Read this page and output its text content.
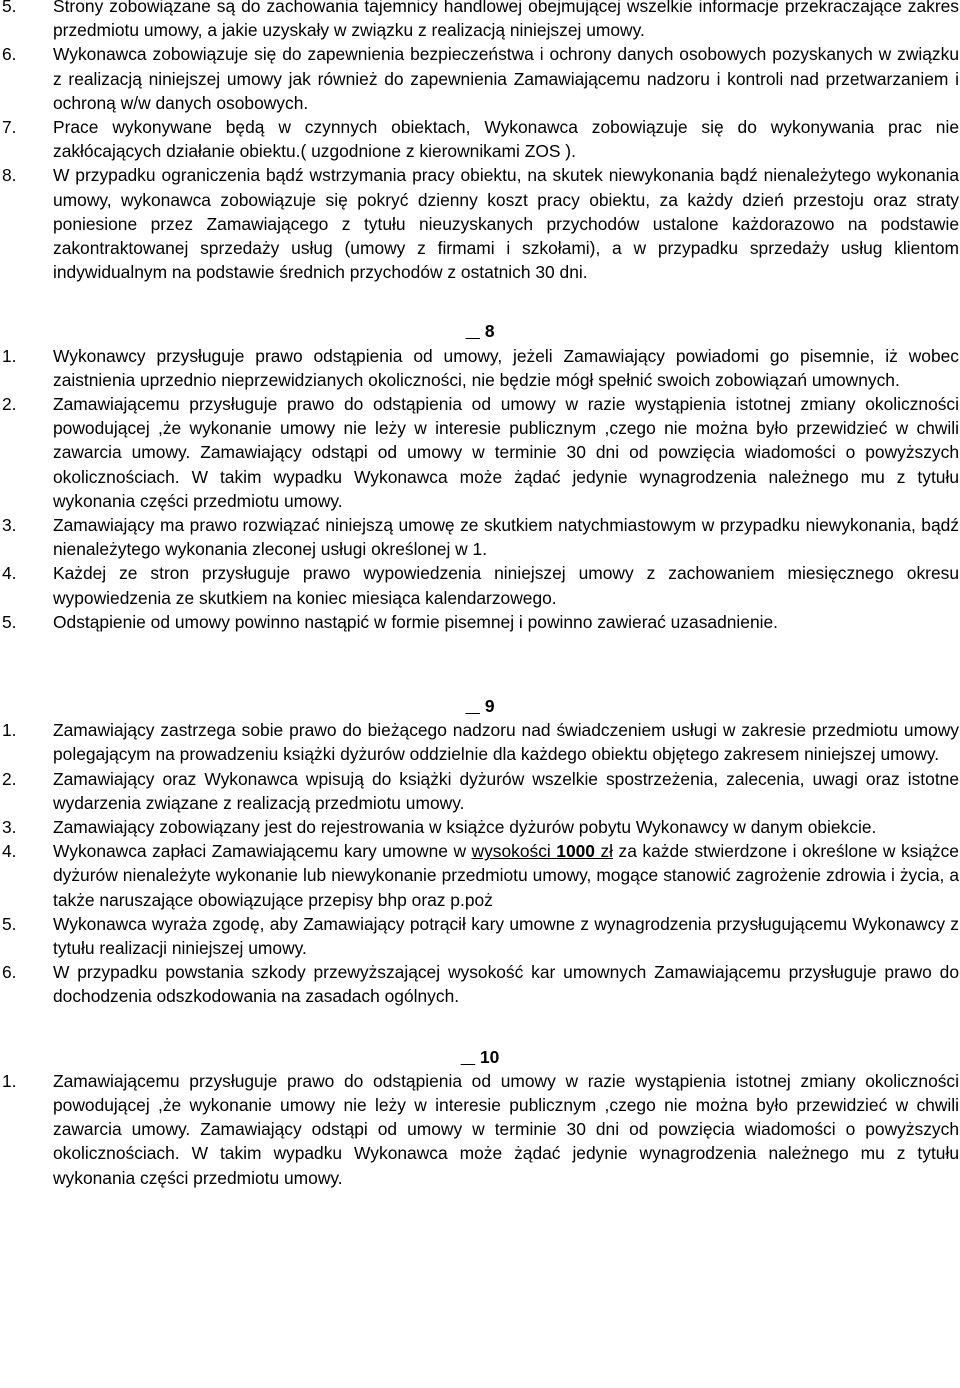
5.	Strony zobowiązane są do zachowania tajemnicy handlowej obejmującej wszelkie informacje przekraczające zakres przedmiotu umowy, a jakie uzyskały w związku z realizacją niniejszej umowy.
6.	Wykonawca zobowiązuje się do zapewnienia bezpieczeństwa i ochrony danych osobowych pozyskanych w związku z realizacją niniejszej umowy jak również do zapewnienia Zamawiającemu nadzoru i kontroli nad przetwarzaniem i ochroną w/w danych osobowych.
7.	Prace wykonywane będą w czynnych obiektach, Wykonawca zobowiązuje się do wykonywania prac nie zakłócających działanie obiektu.( uzgodnione z kierownikami ZOS ).
8.	W przypadku ograniczenia bądź wstrzymania pracy obiektu, na skutek niewykonania bądź nienależytego wykonania umowy, wykonawca zobowiązuje się pokryć dzienny koszt pracy obiektu, za każdy dzień przestoju oraz straty poniesione przez Zamawiającego z tytułu nieuzyskanych przychodów ustalone każdorazowo na podstawie zakontraktowanej sprzedaży usług (umowy z firmami i szkołami), a w przypadku sprzedaży usług klientom indywidualnym na podstawie średnich przychodów z ostatnich 30 dni.
8
1.	Wykonawcy przysługuje prawo odstąpienia od umowy, jeżeli Zamawiający powiadomi go pisemnie, iż wobec zaistnienia uprzednio nieprzewidzianych okoliczności, nie będzie mógł spełnić swoich zobowiązań umownych.
2.	Zamawiającemu przysługuje prawo do odstąpienia od umowy w razie wystąpienia istotnej zmiany okoliczności powodującej ,że wykonanie umowy nie leży w interesie publicznym ,czego nie można było przewidzieć w chwili zawarcia umowy. Zamawiający odstąpi od umowy w terminie 30 dni od powzięcia wiadomości o powyższych okolicznościach. W takim wypadku Wykonawca może żądać jedynie wynagrodzenia należnego mu z tytułu wykonania części przedmiotu umowy.
3.	Zamawiający ma prawo rozwiązać niniejszą umowę ze skutkiem natychmiastowym w przypadku niewykonania, bądź nienależytego wykonania zleconej usługi określonej w 1.
4.	Każdej ze stron przysługuje prawo wypowiedzenia niniejszej umowy z zachowaniem miesięcznego okresu wypowiedzenia ze skutkiem na koniec miesiąca kalendarzowego.
5.	Odstąpienie od umowy powinno nastąpić w formie pisemnej i powinno zawierać uzasadnienie.
9
1.	Zamawiający zastrzega sobie prawo do bieżącego nadzoru nad świadczeniem usługi w zakresie przedmiotu umowy polegającym na prowadzeniu książki dyżurów oddzielnie dla każdego obiektu objętego zakresem niniejszej umowy.
2.	Zamawiający oraz Wykonawca wpisują do książki dyżurów wszelkie spostrzeżenia, zalecenia, uwagi oraz istotne wydarzenia związane z realizacją przedmiotu umowy.
3.	Zamawiający zobowiązany jest do rejestrowania w książce dyżurów pobytu Wykonawcy w danym obiekcie.
4.	Wykonawca zapłaci Zamawiającemu kary umowne w wysokości 1000 zł za każde stwierdzone i określone w książce dyżurów nienależyte wykonanie lub niewykonanie przedmiotu umowy, mogące stanowić zagrożenie zdrowia i życia, a także naruszające obowiązujące przepisy bhp oraz p.poż
5.	Wykonawca wyraża zgodę, aby Zamawiający potrącił kary umowne z wynagrodzenia przysługującemu Wykonawcy z tytułu realizacji niniejszej umowy.
6.	W przypadku powstania szkody przewyższającej wysokość kar umownych Zamawiającemu przysługuje prawo do dochodzenia odszkodowania na zasadach ogólnych.
10
1.	Zamawiającemu przysługuje prawo do odstąpienia od umowy w razie wystąpienia istotnej zmiany okoliczności powodującej ,że wykonanie umowy nie leży w interesie publicznym ,czego nie można było przewidzieć w chwili zawarcia umowy. Zamawiający odstąpi od umowy w terminie 30 dni od powzięcia wiadomości o powyższych okolicznościach. W takim wypadku Wykonawca może żądać jedynie wynagrodzenia należnego mu z tytułu wykonania części przedmiotu umowy.
